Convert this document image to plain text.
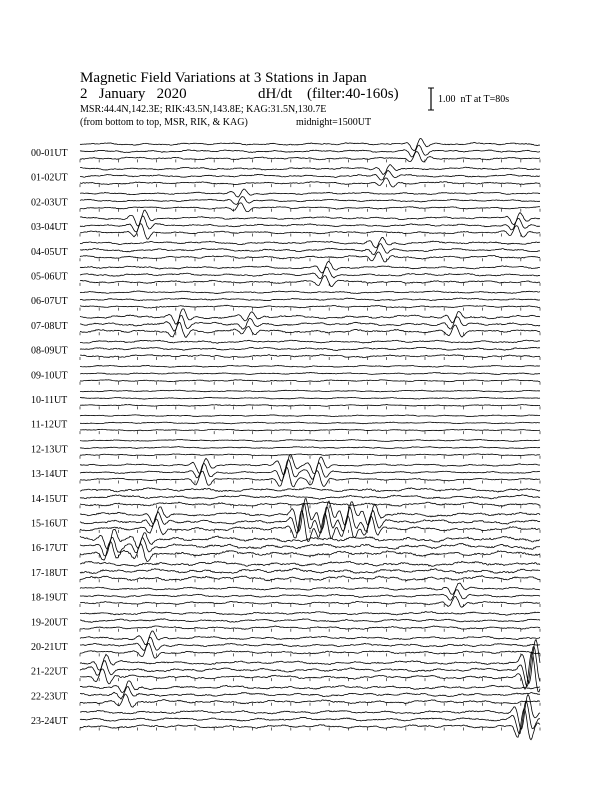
Magnetic Field Variations at 3 Stations in Japan
2   January   2020	dH/dt (filter:40-160s)
MSR:44.4N,142.3E; RIK:43.5N,143.8E; KAG:31.5N,130.7E
(from bottom to top, MSR, RIK, & KAG)	midnight=1500UT
1.00  nT at T=80s
00-01UT
01-02UT
02-03UT
03-04UT
04-05UT
05-06UT
06-07UT
07-08UT
08-09UT
09-10UT
10-11UT
11-12UT
12-13UT
13-14UT
14-15UT
15-16UT
16-17UT
17-18UT
18-19UT
19-20UT
20-21UT
21-22UT
22-23UT
23-24UT
